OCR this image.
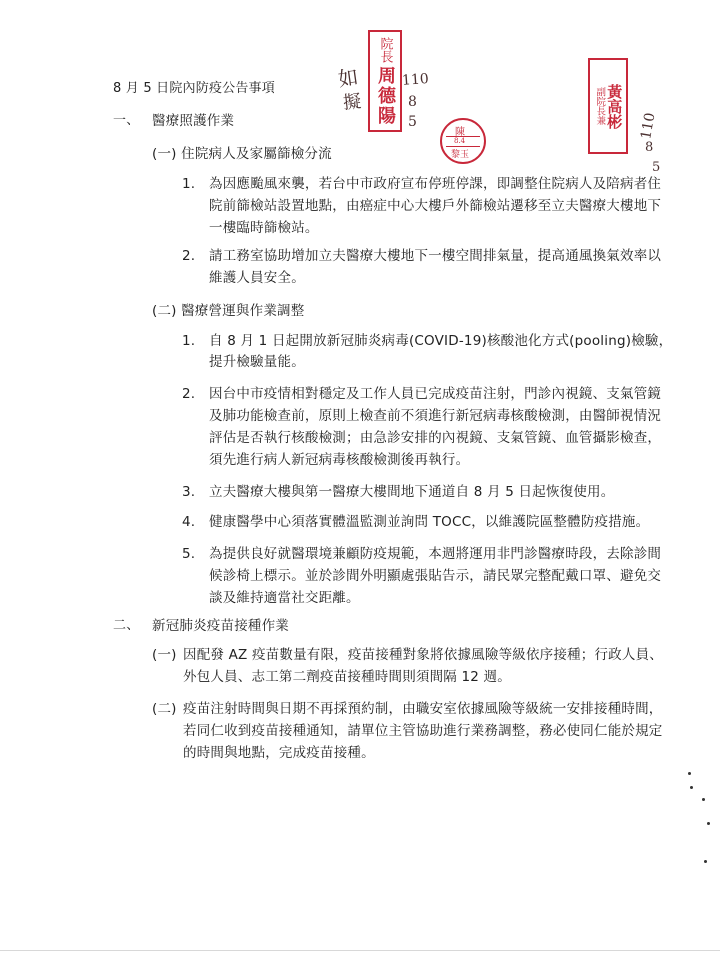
如
擬
110
8
5	110
8
5
院長
周德陽	副院長兼 黃高彬
陳
8.4
黎玉
8 月 5 日院內防疫公告事項
一、 醫療照護作業
(一) 住院病人及家屬篩檢分流
1. 為因應颱風來襲，若台中市政府宣布停班停課，即調整住院病人及陪病者住
院前篩檢站設置地點，由癌症中心大樓戶外篩檢站遷移至立夫醫療大樓地下
一樓臨時篩檢站。
2. 請工務室協助增加立夫醫療大樓地下一樓空間排氣量，提高通風換氣效率以
維護人員安全。
(二) 醫療營運與作業調整
1. 自 8 月 1 日起開放新冠肺炎病毒(COVID-19)核酸池化方式(pooling)檢驗，
提升檢驗量能。
2. 因台中市疫情相對穩定及工作人員已完成疫苗注射，門診內視鏡、支氣管鏡
及肺功能檢查前，原則上檢查前不須進行新冠病毒核酸檢測，由醫師視情況
評估是否執行核酸檢測；由急診安排的內視鏡、支氣管鏡、血管攝影檢查，
須先進行病人新冠病毒核酸檢測後再執行。
3. 立夫醫療大樓與第一醫療大樓間地下通道自 8 月 5 日起恢復使用。
4. 健康醫學中心須落實體溫監測並詢問 TOCC，以維護院區整體防疫措施。
5. 為提供良好就醫環境兼顧防疫規範，本週將運用非門診醫療時段，去除診間
候診椅上標示。並於診間外明顯處張貼告示，請民眾完整配戴口罩、避免交
談及維持適當社交距離。
二、 新冠肺炎疫苗接種作業
(一) 因配發 AZ 疫苗數量有限，疫苗接種對象將依據風險等級依序接種；行政人員、
外包人員、志工第二劑疫苗接種時間則須間隔 12 週。
(二) 疫苗注射時間與日期不再採預約制，由職安室依據風險等級統一安排接種時間，
若同仁收到疫苗接種通知，請單位主管協助進行業務調整，務必使同仁能於規定
的時間與地點，完成疫苗接種。
